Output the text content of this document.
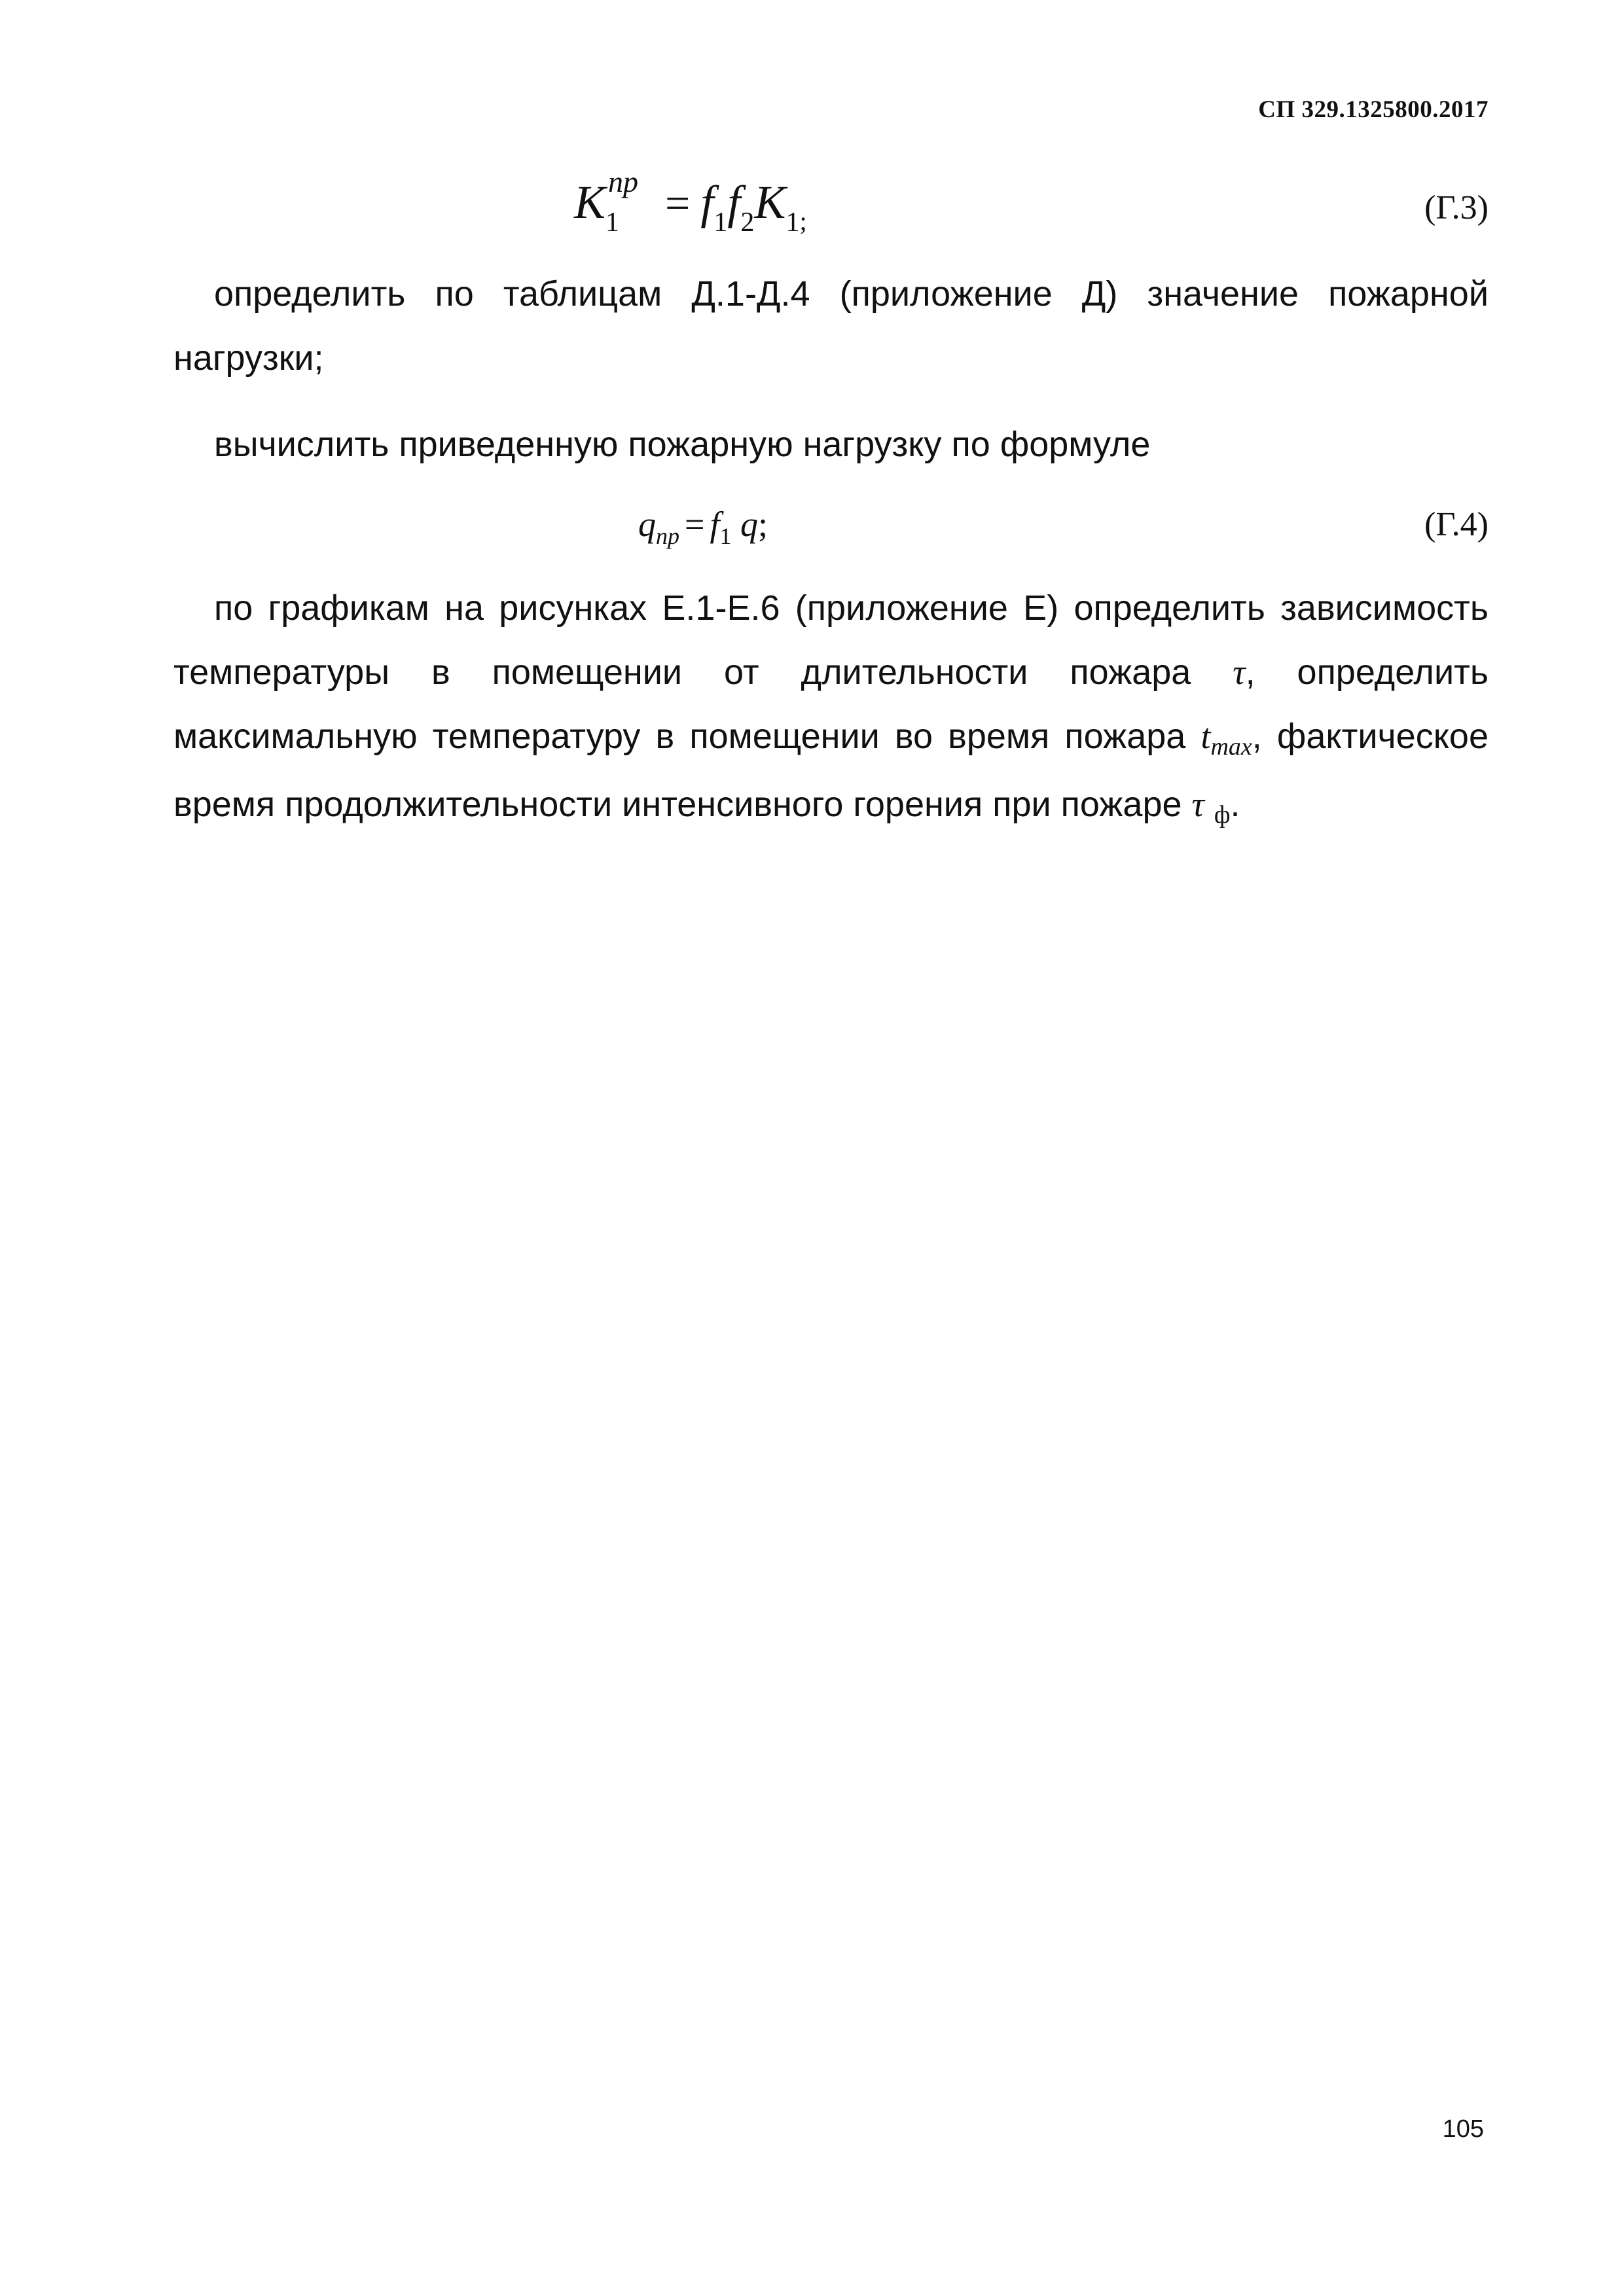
СП 329.1325800.2017
$K_1$
пр = $f_1f_2K_{1;}$	(Г.3)
определить по таблицам Д.1-Д.4 (приложение Д) значение пожарной нагрузки;
вычислить приведенную пожарную нагрузку по формуле
$q_{пр} = f_1$ q;	(Г.4)
по графикам на рисунках Е.1-Е.6 (приложение Е) определить зависимость температуры в помещении от длительности пожара τ, определить максимальную температуру в помещении во время пожара tmax, фактическое время продолжительности интенсивного горения при пожаре τ ф.
105
